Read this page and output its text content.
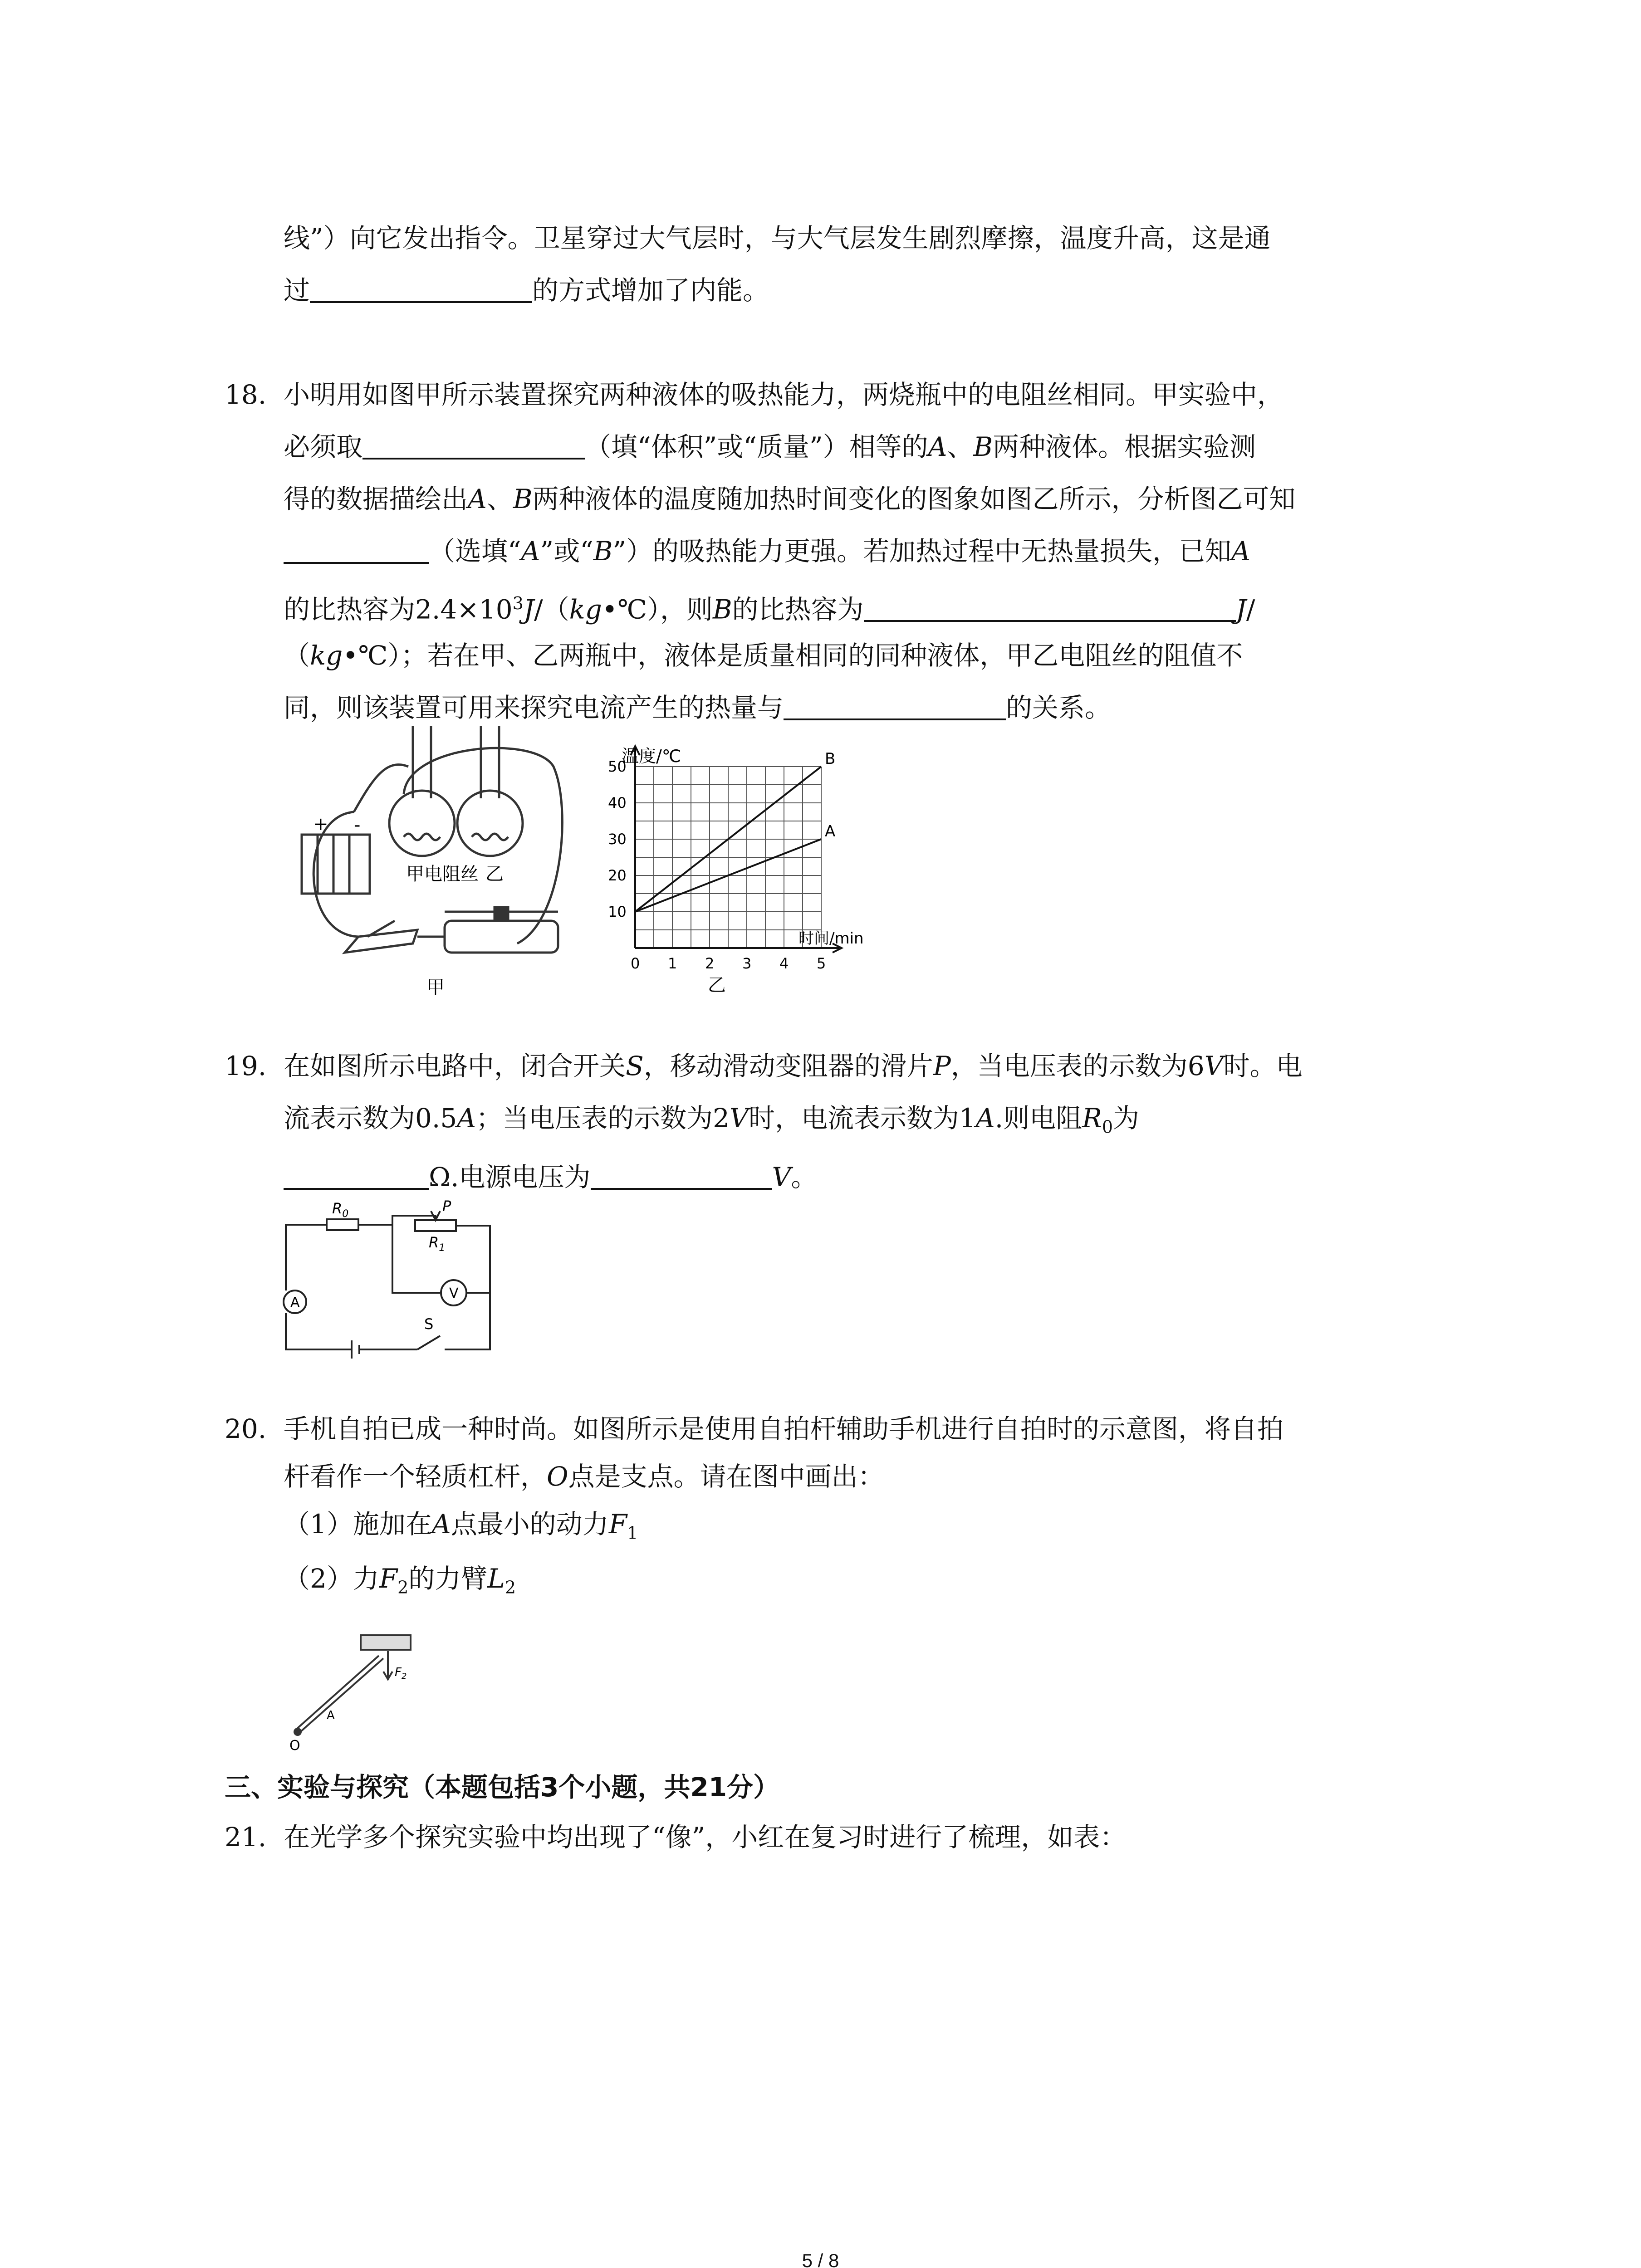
线”）向它发出指令。卫星穿过大气层时，与大气层发生剧烈摩擦，温度升高，这是通
过	的方式增加了内能。
18. 小明用如图甲所示装置探究两种液体的吸热能力，两烧瓶中的电阻丝相同。甲实验中，
必须取	（填“体积”或“质量”）相等的A、B两种液体。根据实验测
得的数据描绘出A、B两种液体的温度随加热时间变化的图象如图乙所示，分析图乙可知
（选填“A”或“B”）的吸热能力更强。若加热过程中无热量损失，已知A
的比热容为$2.4\times 10^3J/(kg•℃)$，则B的比热容为	J/
（kg•℃）；若在甲、乙两瓶中，液体是质量相同的同种液体，甲乙电阻丝的阻值不
同，则该装置可用来探究电流产生的热量与	的关系。
+ -
甲电阻丝 乙
甲
B
A
0 1 2 3 4 5
10
20
30
40
50
温度/℃
时间/min
乙
19. 在如图所示电路中，闭合开关S，移动滑动变阻器的滑片P，当电压表的示数为6V时。电
流表示数为0.5A；当电压表的示数为2V时，电流表示数为1A.则电阻$R_0$为
Ω.电源电压为	V。
$R_0$
$R_1$
P
V
A
S
20. 手机自拍已成一种时尚。如图所示是使用自拍杆辅助手机进行自拍时的示意图，将自拍
杆看作一个轻质杠杆，O点是支点。请在图中画出：
（1）施加在A点最小的动力$F_1$
（2）力$F_2$的力臂$L_2$
O
A
$F_2$
三、实验与探究（本题包括3个小题，共21分）
21. 在光学多个探究实验中均出现了“像”，小红在复习时进行了梳理，如表：
5 / 8
